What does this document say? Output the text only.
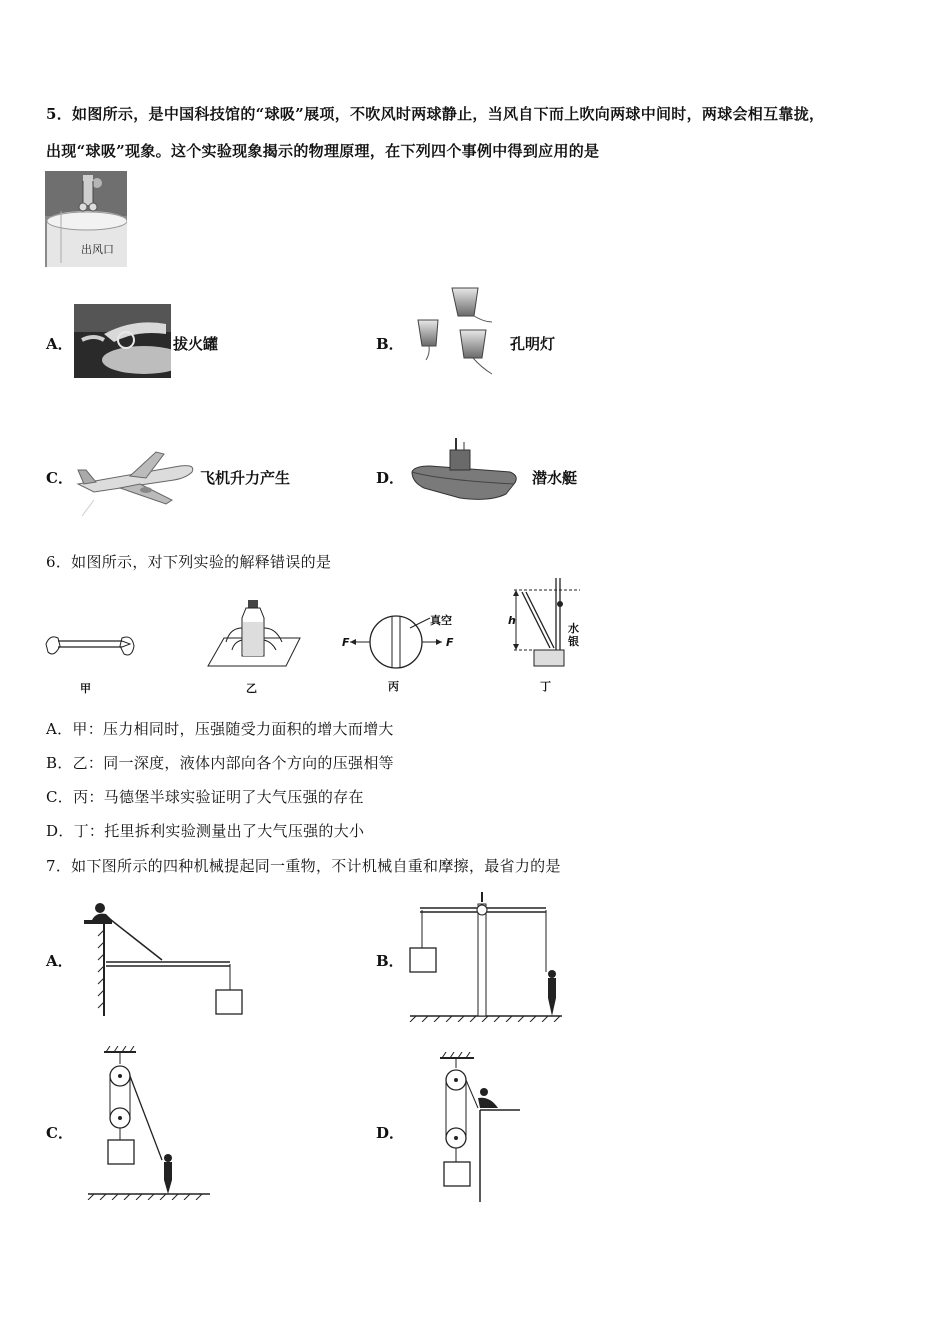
5．如图所示，是中国科技馆的“球吸”展项，不吹风时两球静止，当风自下而上吹向两球中间时，两球会相互靠拢，
出现“球吸”现象。这个实验现象揭示的物理原理，在下列四个事例中得到应用的是
出风口
A．	拔火罐	B．	孔明灯
C．	飞机升力产生	D．	潜水艇
6．如图所示，对下列实验的解释错误的是
甲	乙
F	F
真空
丙
h
水
银
丁
A．甲：压力相同时，压强随受力面积的增大而增大
B．乙：同一深度，液体内部向各个方向的压强相等
C．丙：马德堡半球实验证明了大气压强的存在
D．丁：托里拆利实验测量出了大气压强的大小
7．如下图所示的四种机械提起同一重物，不计机械自重和摩擦，最省力的是
A．	B．
C．	D．
